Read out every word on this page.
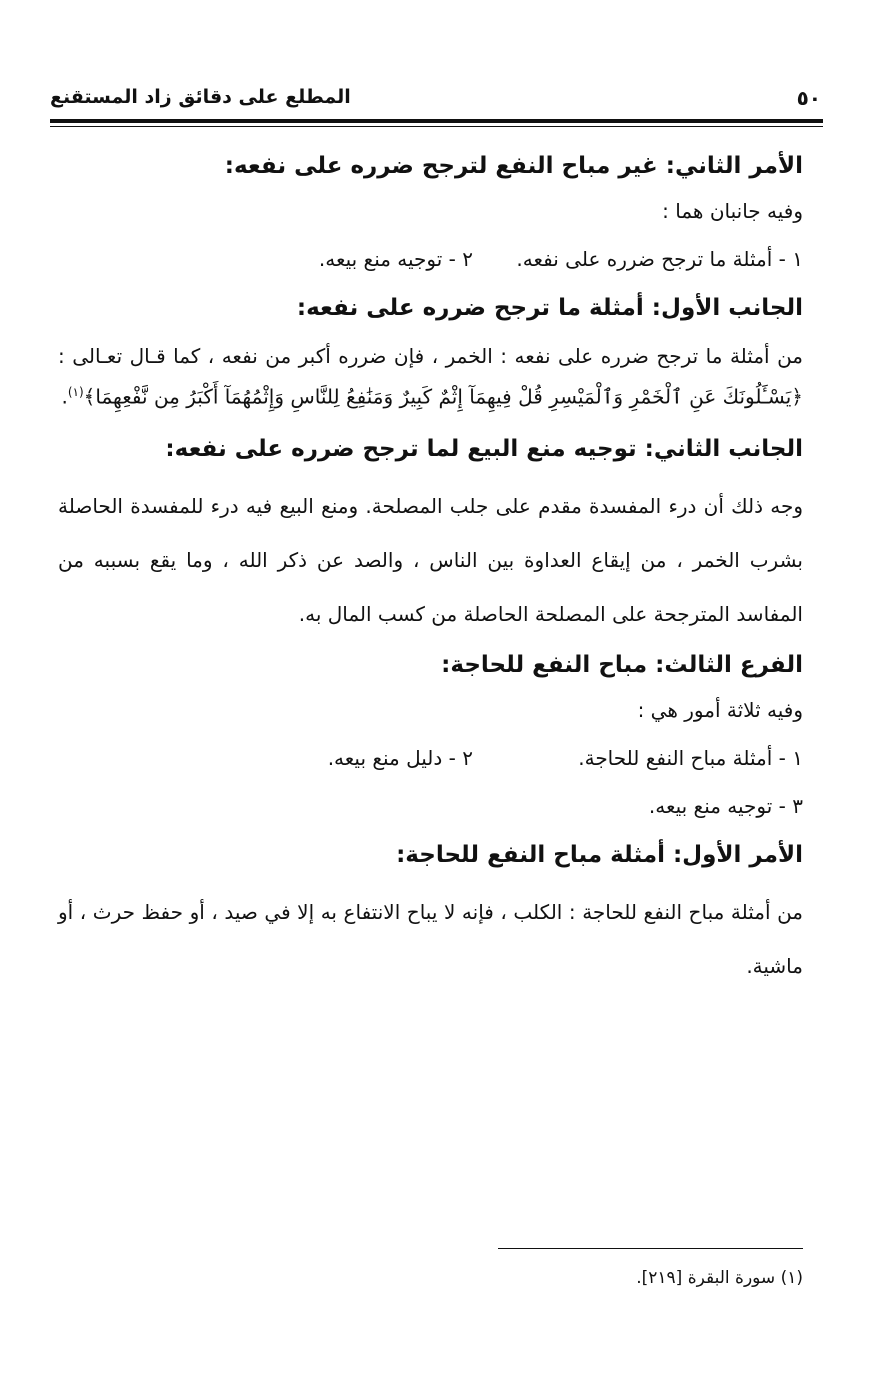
المطلع على دقائق زاد المستقنع	٥٠
الأمر الثاني: غير مباح النفع لترجح ضرره على نفعه:
وفيه جانبان هما :
١ - أمثلة ما ترجح ضرره على نفعه.
٢ - توجيه منع بيعه.
الجانب الأول: أمثلة ما ترجح ضرره على نفعه:
من أمثلة ما ترجح ضرره على نفعه : الخمر ، فإن ضرره أكبر من نفعه ، كما قـال تعـالى : ﴿يَسْـَٔلُونَكَ عَنِ ٱلْخَمْرِ وَٱلْمَيْسِرِ قُلْ فِيهِمَآ إِثْمٌ كَبِيرٌ وَمَنَٰفِعُ لِلنَّاسِ وَإِثْمُهُمَآ أَكْبَرُ مِن نَّفْعِهِمَا﴾$^{(١)}$.
الجانب الثاني: توجيه منع البيع لما ترجح ضرره على نفعه:
وجه ذلك أن درء المفسدة مقدم على جلب المصلحة. ومنع البيع فيه درء للمفسدة الحاصلة بشرب الخمر ، من إيقاع العداوة بين الناس ، والصد عن ذكر الله ، وما يقع بسببه من المفاسد المترجحة على المصلحة الحاصلة من كسب المال به.
الفرع الثالث: مباح النفع للحاجة:
وفيه ثلاثة أمور هي :
١ - أمثلة مباح النفع للحاجة.
٢ - دليل منع بيعه.
٣ - توجيه منع بيعه.
الأمر الأول: أمثلة مباح النفع للحاجة:
من أمثلة مباح النفع للحاجة : الكلب ، فإنه لا يباح الانتفاع به إلا في صيد ، أو حفظ حرث ، أو ماشية.
(١) سورة البقرة [٢١٩].
